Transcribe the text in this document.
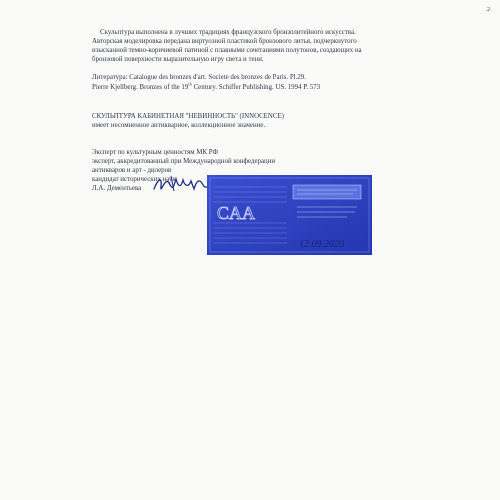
2
Скульптура выполнена в лучших традициях французского бронзолитейного искусства.
Авторская моделировка передана виртуозной пластикой бронзового литья, подчеркнутого
изысканной темно-коричневой патиной с плавными сочетаниями полутонов, создающих на
бронзовой поверхности выразительную игру света и тени.
Литература: Catalogue des bronzes d'art. Societe des bronzes de Paris. Pl.29.
Pierre Kjellberg. Bronzes of the 19th Century. Schiffer Publishing. US. 1994 P. 573
СКУЛЬПТУРА КАБИНЕТНАЯ "НЕВИННОСТЬ" (INNOCENCE)
имеет несомненное антикварное, коллекционное значение.
Эксперт по культурным ценностям МК РФ
эксперт, аккредитованный при Международной конфедерации
антикваров и арт - дилеров
кандидат исторических наук
Л.А. Дементьева
CAA
12.09.2020
